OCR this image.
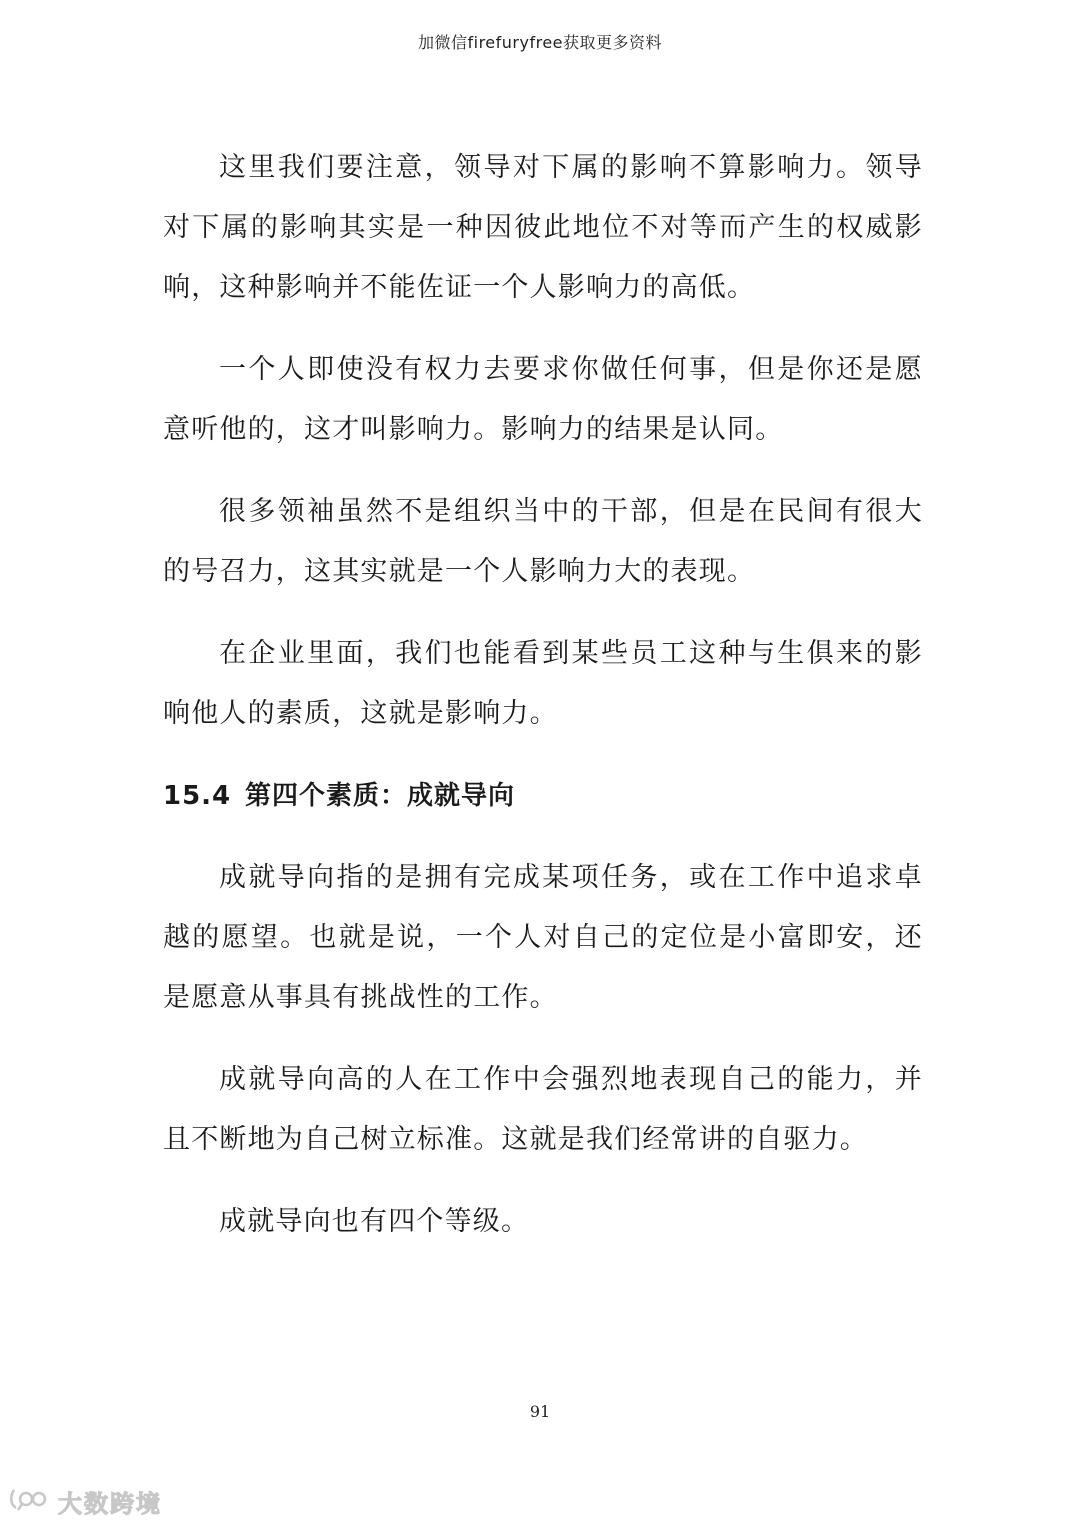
加微信firefuryfree获取更多资料

这里我们要注意，领导对下属的影响不算影响力。领导对下属的影响其实是一种因彼此地位不对等而产生的权威影响，这种影响并不能佐证一个人影响力的高低。

一个人即使没有权力去要求你做任何事，但是你还是愿意听他的，这才叫影响力。影响力的结果是认同。

很多领袖虽然不是组织当中的干部，但是在民间有很大的号召力，这其实就是一个人影响力大的表现。

在企业里面，我们也能看到某些员工这种与生俱来的影响他人的素质，这就是影响力。

15.4 第四个素质：成就导向

成就导向指的是拥有完成某项任务，或在工作中追求卓越的愿望。也就是说，一个人对自己的定位是小富即安，还是愿意从事具有挑战性的工作。

成就导向高的人在工作中会强烈地表现自己的能力，并且不断地为自己树立标准。这就是我们经常讲的自驱力。

成就导向也有四个等级。

91
大数跨境
